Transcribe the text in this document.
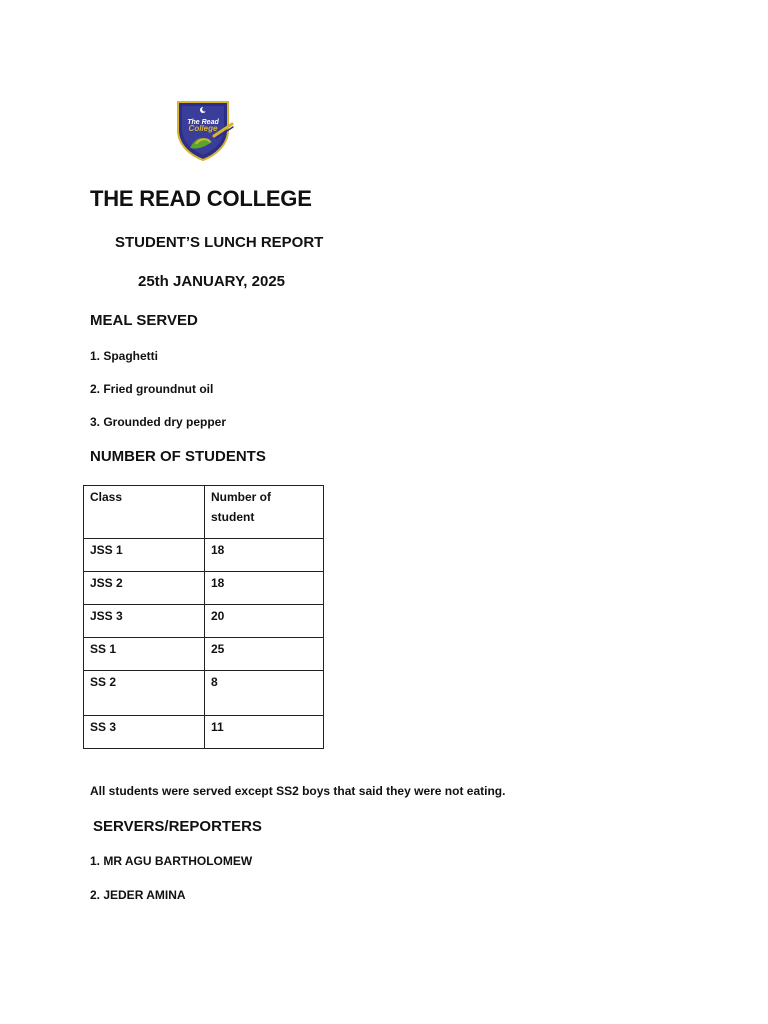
The Read
College
THE READ COLLEGE
STUDENT’S LUNCH REPORT
25th JANUARY, 2025
MEAL SERVED
1. Spaghetti
2. Fried groundnut oil
3. Grounded dry pepper
NUMBER OF STUDENTS
Class	Number of student

JSS 1	18
JSS 2	18
JSS 3	20
SS 1	25
SS 2	8
SS 3	11
All students were served except SS2 boys that said they were not eating.
SERVERS/REPORTERS
1. MR AGU BARTHOLOMEW
2. JEDER AMINA
